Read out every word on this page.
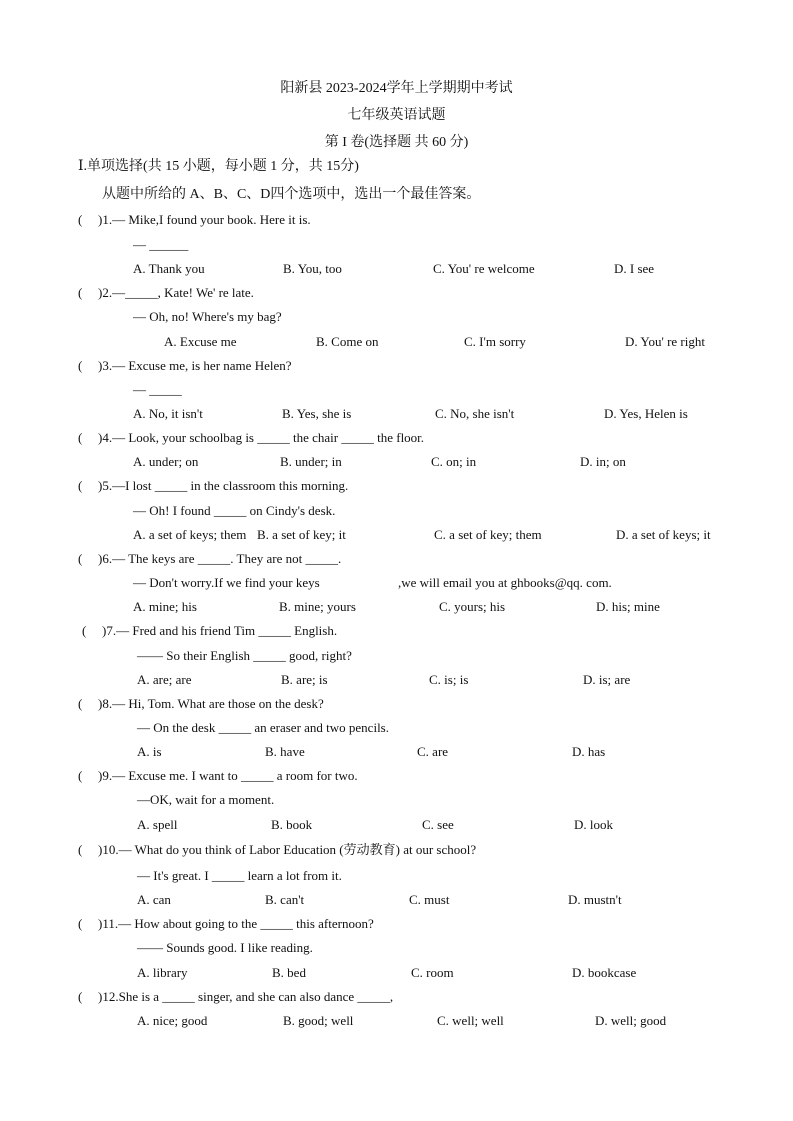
阳新县 2023-2024学年上学期期中考试
七年级英语试题
第 I 卷(选择题 共 60 分)
Ⅰ.单项选择(共 15 小题，每小题 1 分，共 15分)
从题中所给的 A、B、C、D四个选项中，选出一个最佳答案。
( )1.— Mike,I found your book. Here it is.
— ______
A. Thank you	B. You, too	C. You' re welcome	D. I see
( )2.—_____, Kate! We' re late.
— Oh, no! Where's my bag?
A. Excuse me	B. Come on	C. I'm sorry	D. You' re right
( )3.— Excuse me, is her name Helen?
— _____
A. No, it isn't	B. Yes, she is	C. No, she isn't	D. Yes, Helen is
( )4.— Look, your schoolbag is _____ the chair _____ the floor.
A. under; on	B. under; in	C. on; in	D. in; on
( )5.—I lost _____ in the classroom this morning.
— Oh! I found _____ on Cindy's desk.
A. a set of keys; them B. a set of key; it	C. a set of key; them	D. a set of keys; it
( )6.— The keys are _____. They are not _____.
— Don't worry.If we find your keys	,we will email you at ghbooks@qq. com.
A. mine; his	B. mine; yours	C. yours; his	D. his; mine
( )7.— Fred and his friend Tim _____ English.
—— So their English _____ good, right?
A. are; are	B. are; is	C. is; is	D. is; are
( )8.— Hi, Tom. What are those on the desk?
— On the desk _____ an eraser and two pencils.
A. is	B. have	C. are	D. has
( )9.— Excuse me. I want to _____ a room for two.
—OK, wait for a moment.
A. spell	B. book	C. see	D. look
( )10.— What do you think of Labor Education (劳动教育) at our school?
— It's great. I _____ learn a lot from it.
A. can	B. can't	C. must	D. mustn't
( )11.— How about going to the _____ this afternoon?
—— Sounds good. I like reading.
A. library	B. bed	C. room	D. bookcase
( )12.She is a _____ singer, and she can also dance _____,
A. nice; good	B. good; well	C. well; well	D. well; good
